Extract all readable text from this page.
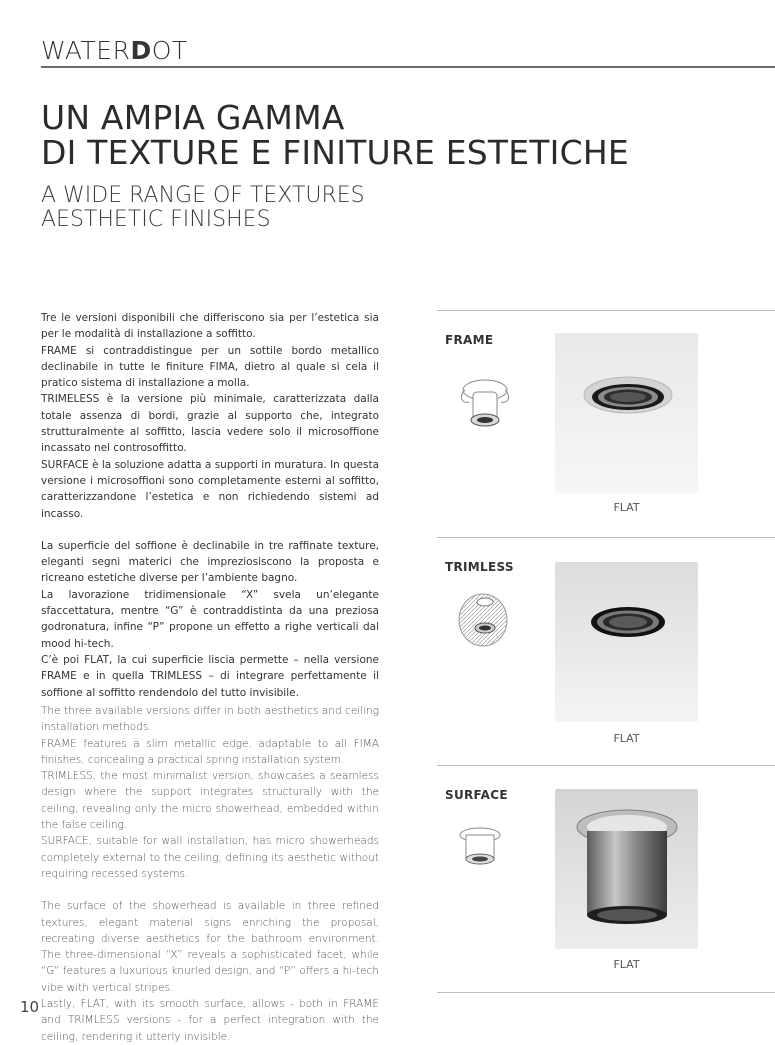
WATERDOT
UN AMPIA GAMMA
DI TEXTURE E FINITURE ESTETICHE
A WIDE RANGE OF TEXTURES
AESTHETIC FINISHES

Tre le versioni disponibili che differiscono sia per l’estetica sia per le modalità di installazione a soffitto.

FRAME si contraddistingue per un sottile bordo metallico declinabile in tutte le finiture FIMA, dietro al quale si cela il pratico sistema di installazione a molla.

TRIMELESS è la versione più minimale, caratterizzata dalla totale assenza di bordi, grazie al supporto che, integrato strutturalmente al soffitto, lascia vedere solo il microsoffione incassato nel controsoffitto.

SURFACE è la soluzione adatta a supporti in muratura. In questa versione i microsoffioni sono completamente esterni al soffitto, caratterizzandone l’estetica e non richiedendo sistemi ad incasso.

La superficie del soffione è declinabile in tre raffinate texture, eleganti segni materici che impreziosiscono la proposta e ricreano estetiche diverse per l’ambiente bagno.

La lavorazione tridimensionale “X” svela un’elegante sfaccettatura, mentre “G” è contraddistinta da una preziosa godronatura, infine “P” propone un effetto a righe verticali dal mood hi-tech.

C’è poi FLAT, la cui superficie liscia permette – nella versione FRAME e in quella TRIMLESS – di integrare perfettamente il soffione al soffitto rendendolo del tutto invisibile.

The three available versions differ in both aesthetics and ceiling installation methods.

FRAME features a slim metallic edge, adaptable to all FIMA finishes, concealing a practical spring installation system.

TRIMLESS, the most minimalist version, showcases a seamless design where the support integrates structurally with the ceiling, revealing only the micro showerhead, embedded within the false ceiling.

SURFACE, suitable for wall installation, has micro showerheads completely external to the ceiling, defining its aesthetic without requiring recessed systems.

The surface of the showerhead is available in three refined textures, elegant material signs enriching the proposal, recreating diverse aesthetics for the bathroom environment. The three-dimensional “X” reveals a sophisticated facet, while “G” features a luxurious knurled design, and “P” offers a hi-tech vibe with vertical stripes.

Lastly, FLAT, with its smooth surface, allows - both in FRAME and TRIMLESS versions - for a perfect integration with the ceiling, rendering it utterly invisible.

10
FRAME
FLAT
TRIMLESS
FLAT
SURFACE
FLAT
